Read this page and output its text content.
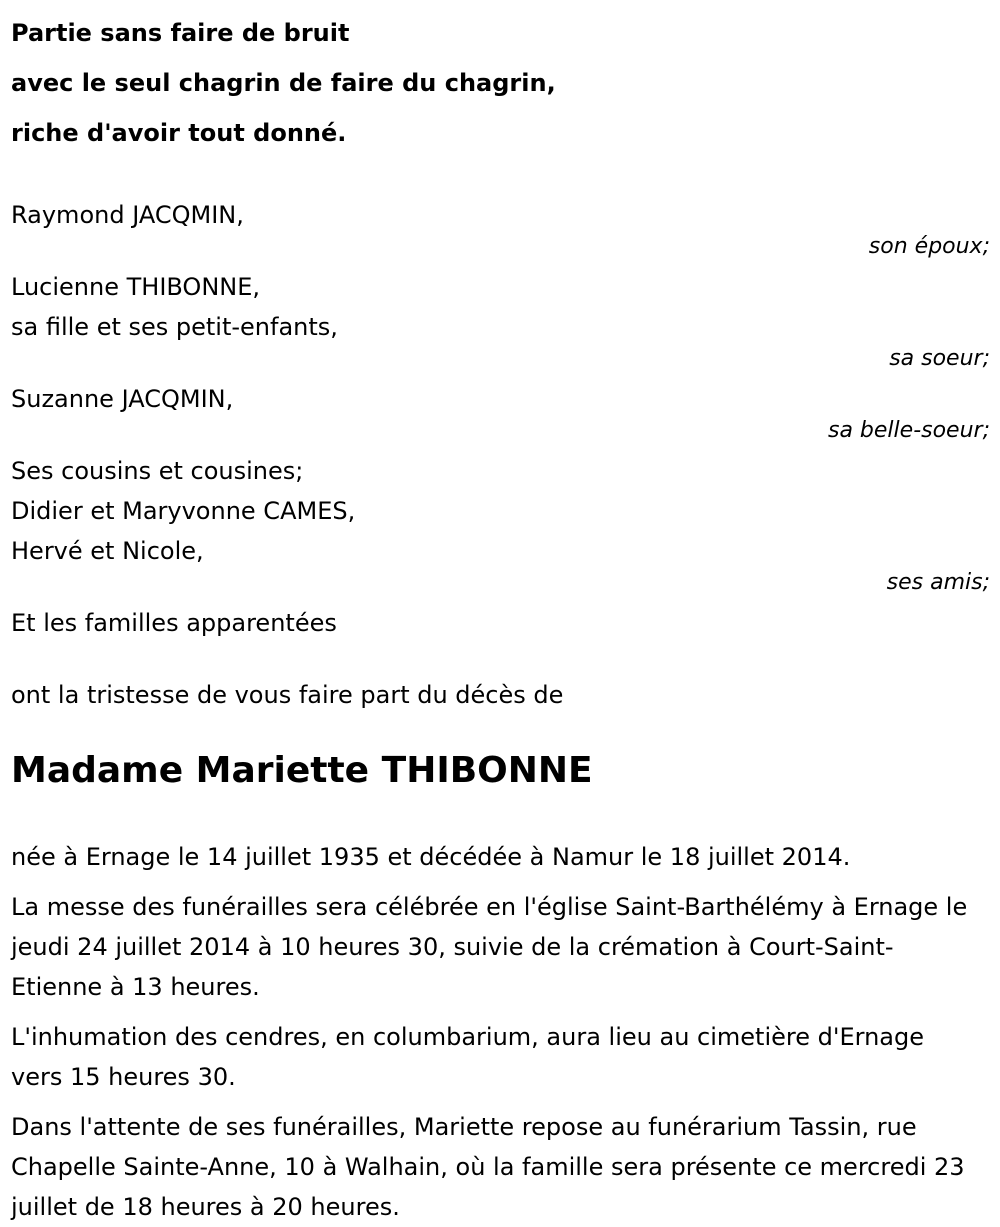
Partie sans faire de bruit
avec le seul chagrin de faire du chagrin,
riche d'avoir tout donné.
Raymond JACQMIN,
son époux;
Lucienne THIBONNE,
sa fille et ses petit-enfants,
sa soeur;
Suzanne JACQMIN,
sa belle-soeur;
Ses cousins et cousines;
Didier et Maryvonne CAMES,
Hervé et Nicole,
ses amis;
Et les familles apparentées
ont la tristesse de vous faire part du décès de
Madame Mariette THIBONNE

née à Ernage le 14 juillet 1935 et décédée à Namur le 18 juillet 2014.

La messe des funérailles sera célébrée en l'église Saint-Barthélémy à Ernage le jeudi 24 juillet 2014 à 10 heures 30, suivie de la crémation à Court-Saint-Etienne à 13 heures.

L'inhumation des cendres, en columbarium, aura lieu au cimetière d'Ernage vers 15 heures 30.

Dans l'attente de ses funérailles, Mariette repose au funérarium Tassin, rue Chapelle Sainte-Anne, 10 à Walhain, où la famille sera présente ce mercredi 23 juillet de 18 heures à 20 heures.
